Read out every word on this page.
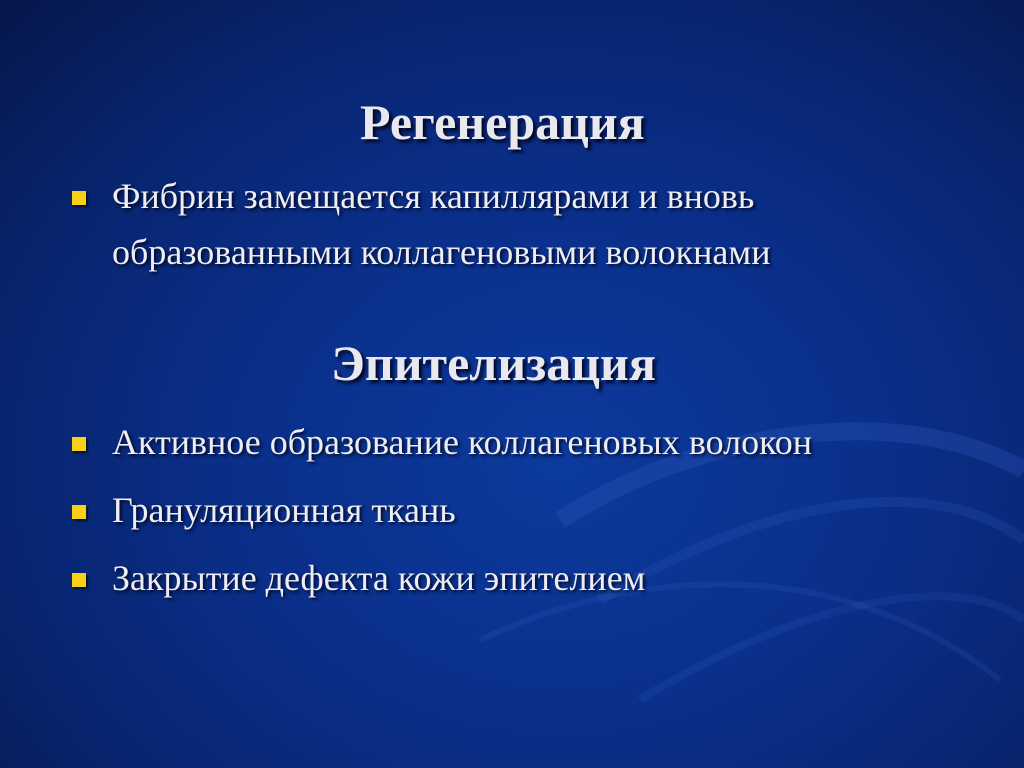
Регенерация
Фибрин замещается капиллярами и вновь образованными коллагеновыми волокнами
Эпителизация
Активное образование коллагеновых волокон
Грануляционная ткань
Закрытие дефекта кожи эпителием
